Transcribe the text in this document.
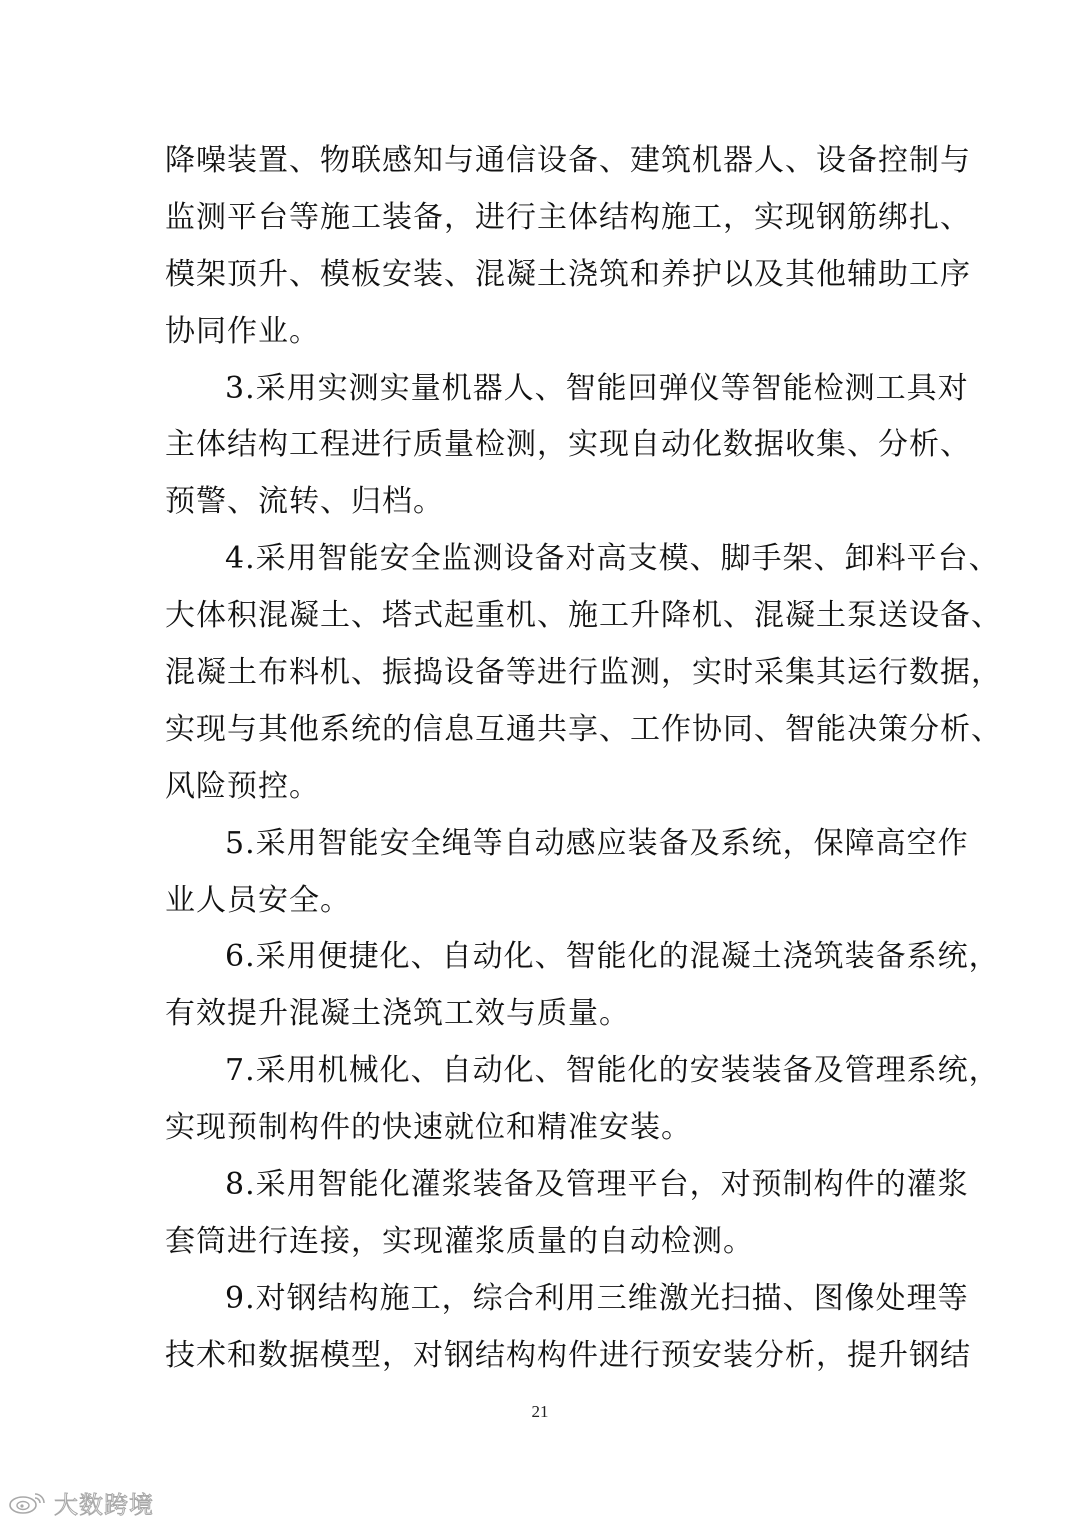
降噪装置、物联感知与通信设备、建筑机器人、设备控制与
监测平台等施工装备，进行主体结构施工，实现钢筋绑扎、
模架顶升、模板安装、混凝土浇筑和养护以及其他辅助工序
协同作业。
3.采用实测实量机器人、智能回弹仪等智能检测工具对
主体结构工程进行质量检测，实现自动化数据收集、分析、
预警、流转、归档。
4.采用智能安全监测设备对高支模、脚手架、卸料平台、
大体积混凝土、塔式起重机、施工升降机、混凝土泵送设备、
混凝土布料机、振捣设备等进行监测，实时采集其运行数据，
实现与其他系统的信息互通共享、工作协同、智能决策分析、
风险预控。
5.采用智能安全绳等自动感应装备及系统，保障高空作
业人员安全。
6.采用便捷化、自动化、智能化的混凝土浇筑装备系统，
有效提升混凝土浇筑工效与质量。
7.采用机械化、自动化、智能化的安装装备及管理系统，
实现预制构件的快速就位和精准安装。
8.采用智能化灌浆装备及管理平台，对预制构件的灌浆
套筒进行连接，实现灌浆质量的自动检测。
9.对钢结构施工，综合利用三维激光扫描、图像处理等
技术和数据模型，对钢结构构件进行预安装分析，提升钢结
21
大数跨境
